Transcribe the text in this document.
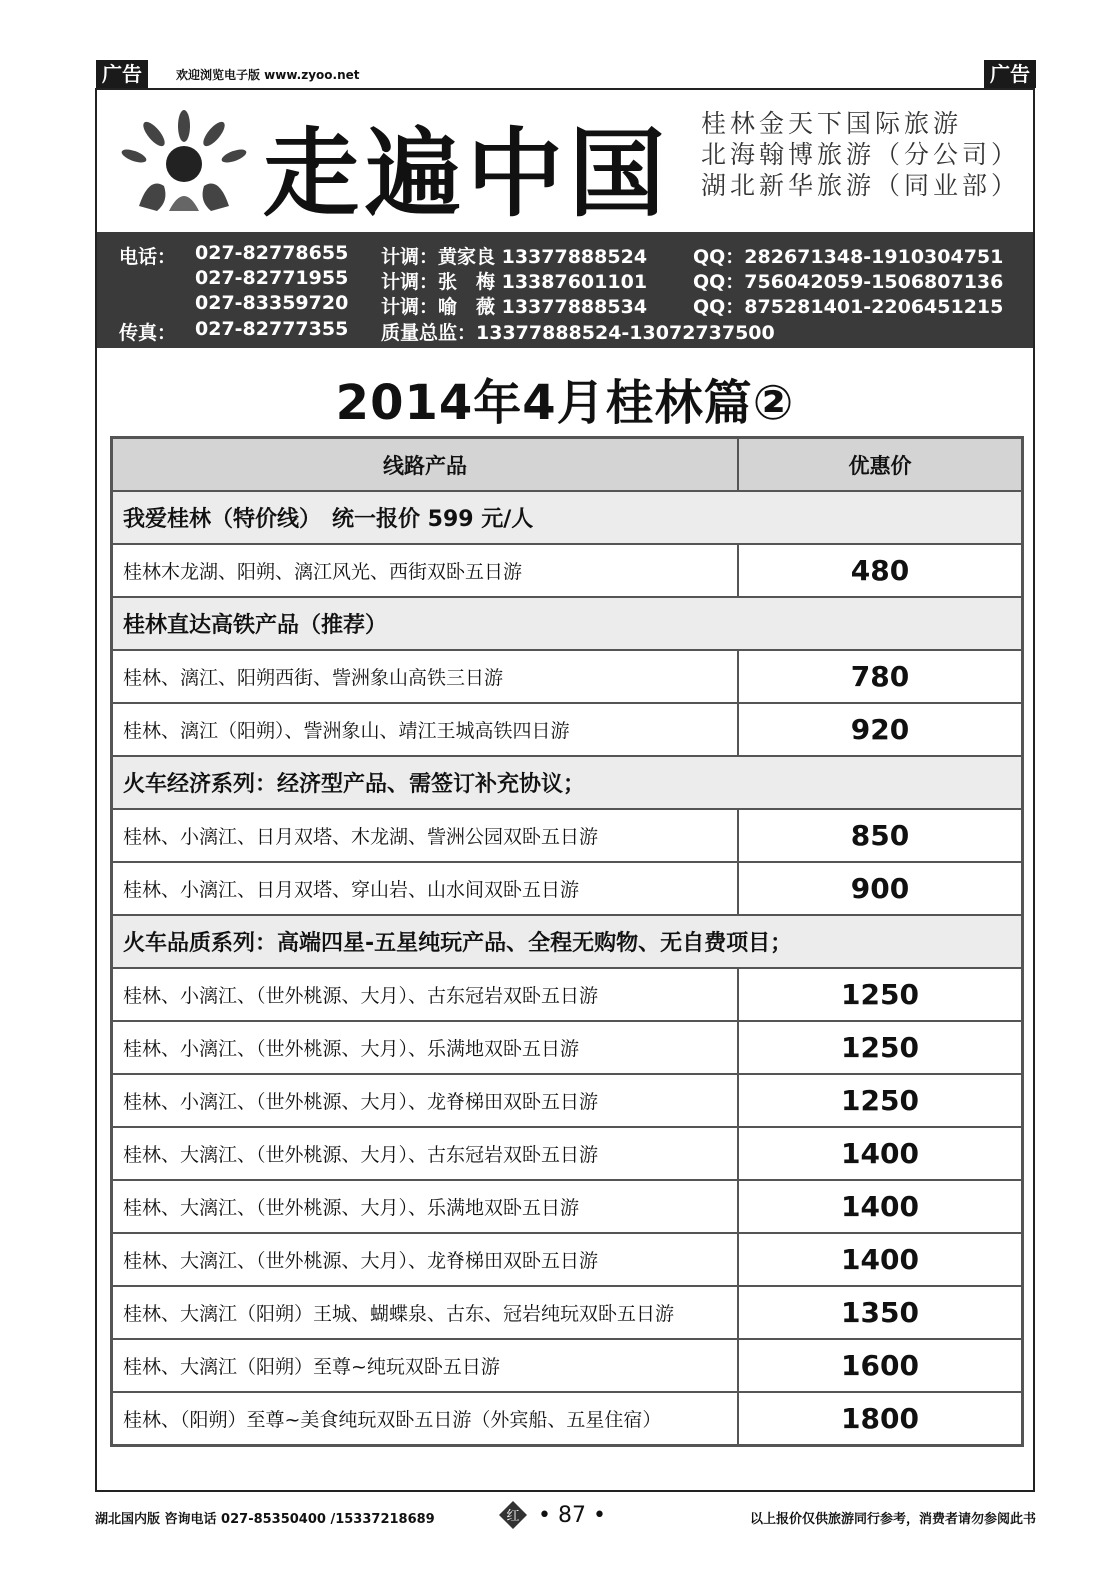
广告	欢迎浏览电子版 www.zyoo.net	广告
走遍中国 桂林金天下国际旅游
北海翰博旅游（分公司）
湖北新华旅游（同业部）
电话： 027-82778655
027-82771955
027-83359720
传真： 027-82777355
计调：黄家良 13377888524
计调：张　梅 13387601101
计调：喻　薇 13377888534
质量总监：13377888524-13072737500
QQ：282671348-1910304751
QQ：756042059-1506807136
QQ：875281401-2206451215
2014年4月桂林篇②
线路产品	优惠价
我爱桂林（特价线）　统一报价 599 元/人	
桂林木龙湖、阳朔、漓江风光、西街双卧五日游	480
桂林直达高铁产品（推荐）	
桂林、漓江、阳朔西街、訾洲象山高铁三日游	780
桂林、漓江（阳朔）、訾洲象山、靖江王城高铁四日游	920
火车经济系列：经济型产品、需签订补充协议；	
桂林、小漓江、日月双塔、木龙湖、訾洲公园双卧五日游	850
桂林、小漓江、日月双塔、穿山岩、山水间双卧五日游	900
火车品质系列：高端四星-五星纯玩产品、全程无购物、无自费项目；	
桂林、小漓江、（世外桃源、大月）、古东冠岩双卧五日游	1250
桂林、小漓江、（世外桃源、大月）、乐满地双卧五日游	1250
桂林、小漓江、（世外桃源、大月）、龙脊梯田双卧五日游	1250
桂林、大漓江、（世外桃源、大月）、古东冠岩双卧五日游	1400
桂林、大漓江、（世外桃源、大月）、乐满地双卧五日游	1400
桂林、大漓江、（世外桃源、大月）、龙脊梯田双卧五日游	1400
桂林、大漓江（阳朔）王城、蝴蝶泉、古东、冠岩纯玩双卧五日游	1350
桂林、大漓江（阳朔）至尊~纯玩双卧五日游	1600
桂林、（阳朔）至尊~美食纯玩双卧五日游（外宾船、五星住宿）	1800
湖北国内版 咨询电话 027-85350400 /15337218689	红 • 87 •	以上报价仅供旅游同行参考，消费者请勿参阅此书
